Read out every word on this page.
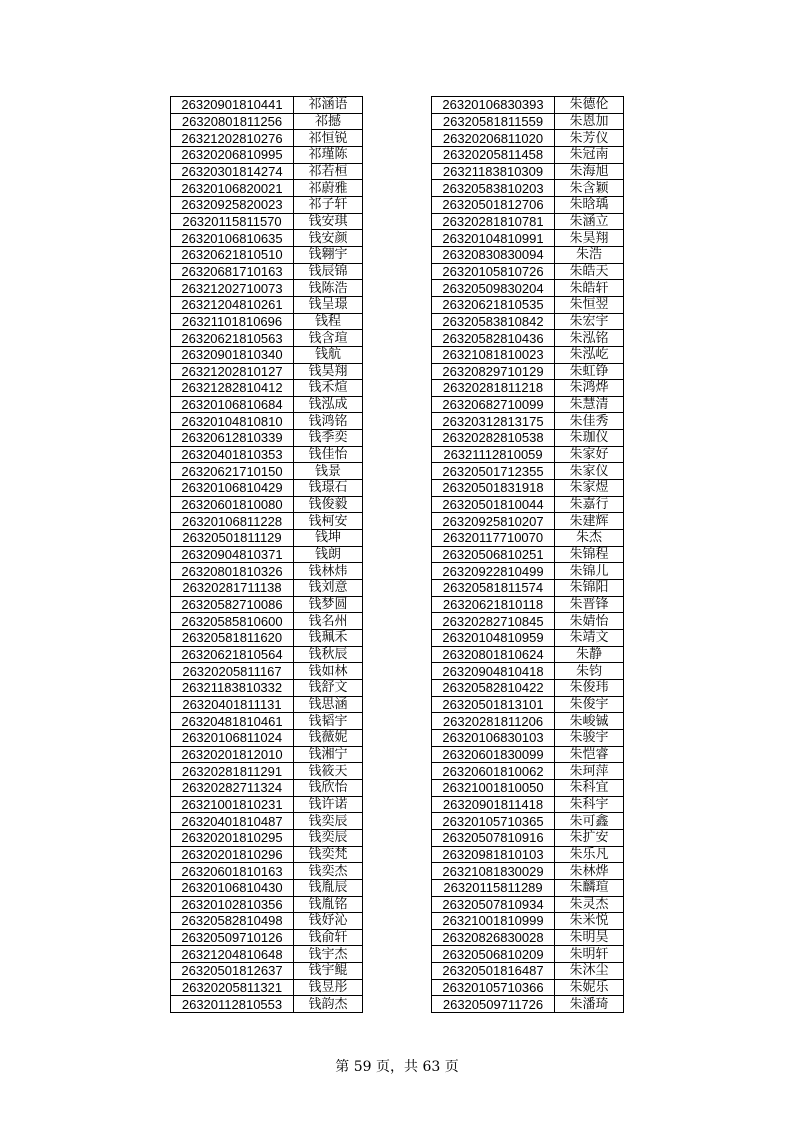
26320901810441	祁涵语
26320801811256	祁撼
26321202810276	祁恒锐
26320206810995	祁瑾陈
26320301814274	祁若桓
26320106820021	祁蔚雅
26320925820023	祁子轩
26320115811570	钱安琪
26320106810635	钱安颜
26320621810510	钱翱宇
26320681710163	钱辰锦
26321202710073	钱陈浩
26321204810261	钱呈璟
26321101810696	钱程
26320621810563	钱含瑄
26320901810340	钱航
26321202810127	钱昊翔
26321282810412	钱禾煊
26320106810684	钱泓成
26320104810810	钱鸿铭
26320612810339	钱季奕
26320401810353	钱佳怡
26320621710150	钱景
26320106810429	钱璟石
26320601810080	钱俊毅
26320106811228	钱柯安
26320501811129	钱坤
26320904810371	钱朗
26320801810326	钱林炜
26320281711138	钱刘意
26320582710086	钱梦圆
26320585810600	钱名州
26320581811620	钱珮禾
26320621810564	钱秋辰
26320205811167	钱如林
26321183810332	钱舒文
26320401811131	钱思涵
26320481810461	钱韬宇
26320106811024	钱薇妮
26320201812010	钱湘宁
26320281811291	钱筱天
26320282711324	钱欣怡
26321001810231	钱许诺
26320401810487	钱奕辰
26320201810295	钱奕辰
26320201810296	钱奕梵
26320601810163	钱奕杰
26320106810430	钱胤辰
26320102810356	钱胤铭
26320582810498	钱妤沁
26320509710126	钱俞轩
26321204810648	钱宇杰
26320501812637	钱宇鲲
26320205811321	钱昱彤
26320112810553	钱韵杰
26320106830393	朱德伦
26320581811559	朱恩加
26320206811020	朱芳仪
26320205811458	朱冠南
26321183810309	朱海旭
26320583810203	朱含颖
26320501812706	朱晗瑀
26320281810781	朱涵立
26320104810991	朱昊翔
26320830830094	朱浩
26320105810726	朱皓天
26320509830204	朱皓轩
26320621810535	朱恒翌
26320583810842	朱宏宇
26320582810436	朱泓铭
26321081810023	朱泓屹
26320829710129	朱虹铮
26320281811218	朱鸿烨
26320682710099	朱慧清
26320312813175	朱佳秀
26320282810538	朱珈仪
26321112810059	朱家好
26320501712355	朱家仪
26320501831918	朱家煜
26320501810044	朱嘉行
26320925810207	朱建辉
26320117710070	朱杰
26320506810251	朱锦程
26320922810499	朱锦儿
26320581811574	朱锦阳
26320621810118	朱晋锋
26320282710845	朱婧怡
26320104810959	朱靖文
26320801810624	朱静
26320904810418	朱钧
26320582810422	朱俊玮
26320501813101	朱俊宇
26320281811206	朱峻铖
26320106830103	朱骏宇
26320601830099	朱恺睿
26320601810062	朱珂萍
26321001810050	朱科宜
26320901811418	朱科宇
26320105710365	朱可鑫
26320507810916	朱扩安
26320981810103	朱乐凡
26321081830029	朱林烨
26320115811289	朱麟瑄
26320507810934	朱灵杰
26321001810999	朱米悦
26320826830028	朱明昊
26320506810209	朱明轩
26320501816487	朱沐尘
26320105710366	朱妮乐
26320509711726	朱潘琦
第 59 页，共 63 页
